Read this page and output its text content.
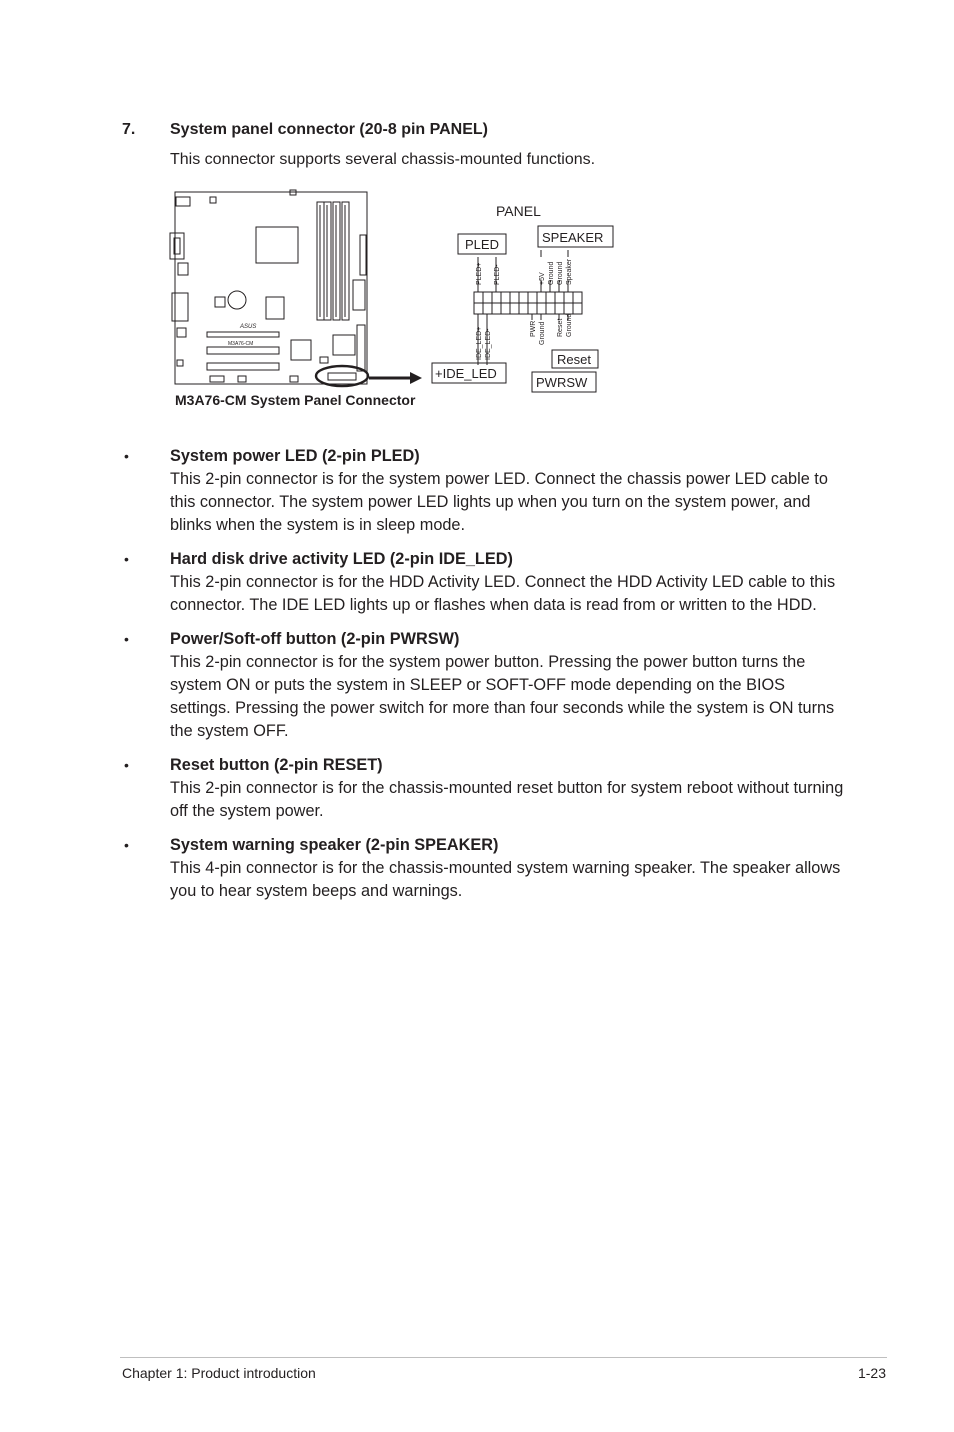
7. System panel connector (20-8 pin PANEL)
This connector supports several chassis-mounted functions.
ASUS
M3A76-CM
PANEL
PLED	SPEAKER
PLED+ PLED-	+5V Ground Ground Speaker
IDE_LED+ IDE_LED-	PWR Ground Reset Ground
+IDE_LED
Reset
PWRSW
M3A76-CM System Panel Connector
•	System power LED (2-pin PLED)
This 2-pin connector is for the system power LED. Connect the chassis power LED cable to this connector. The system power LED lights up when you turn on the system power, and blinks when the system is in sleep mode.
•	Hard disk drive activity LED (2-pin IDE_LED)
This 2-pin connector is for the HDD Activity LED. Connect the HDD Activity LED cable to this connector. The IDE LED lights up or flashes when data is read from or written to the HDD.
•	Power/Soft-off button (2-pin PWRSW)
This 2-pin connector is for the system power button. Pressing the power button turns the system ON or puts the system in SLEEP or SOFT-OFF mode depending on the BIOS settings. Pressing the power switch for more than four seconds while the system is ON turns the system OFF.
•	Reset button (2-pin RESET)
This 2-pin connector is for the chassis-mounted reset button for system reboot without turning off the system power.
•	System warning speaker (2-pin SPEAKER)
This 4-pin connector is for the chassis-mounted system warning speaker. The speaker allows you to hear system beeps and warnings.
Chapter 1: Product introduction	1-23
